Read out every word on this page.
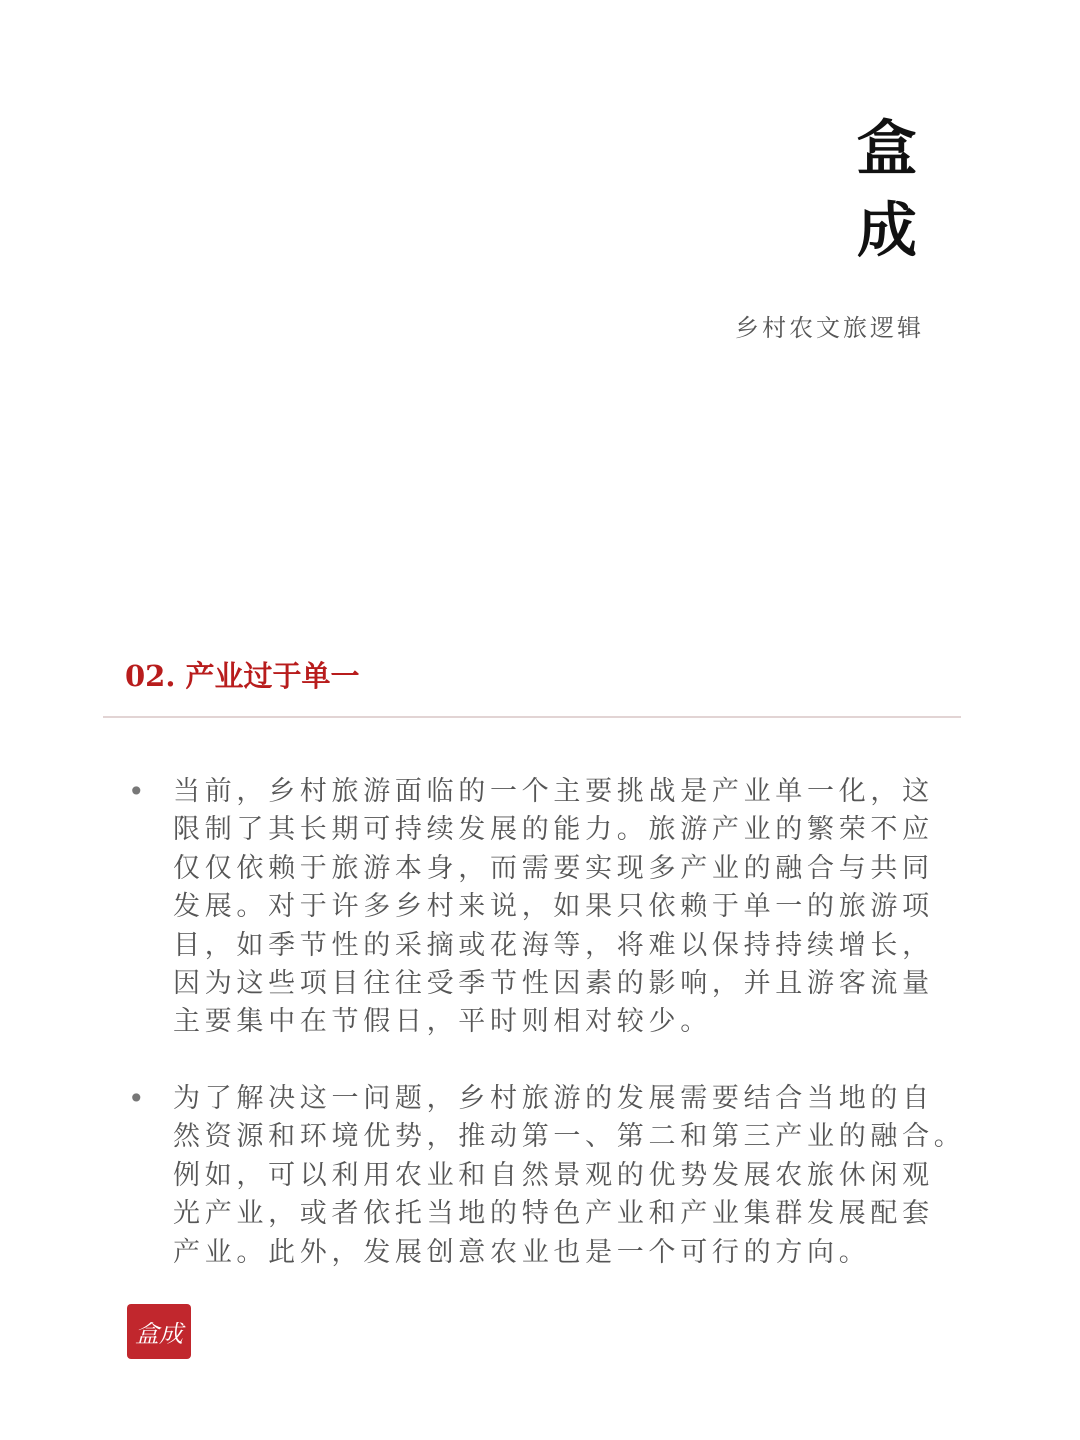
盒
成
乡村农文旅逻辑
02. 产业过于单一
• 当前，乡村旅游面临的一个主要挑战是产业单一化，这
限制了其长期可持续发展的能力。旅游产业的繁荣不应
仅仅依赖于旅游本身，而需要实现多产业的融合与共同
发展。对于许多乡村来说，如果只依赖于单一的旅游项
目，如季节性的采摘或花海等，将难以保持持续增长，
因为这些项目往往受季节性因素的影响，并且游客流量
主要集中在节假日，平时则相对较少。
• 为了解决这一问题，乡村旅游的发展需要结合当地的自
然资源和环境优势，推动第一、第二和第三产业的融合。
例如，可以利用农业和自然景观的优势发展农旅休闲观
光产业，或者依托当地的特色产业和产业集群发展配套
产业。此外，发展创意农业也是一个可行的方向。
盒成
